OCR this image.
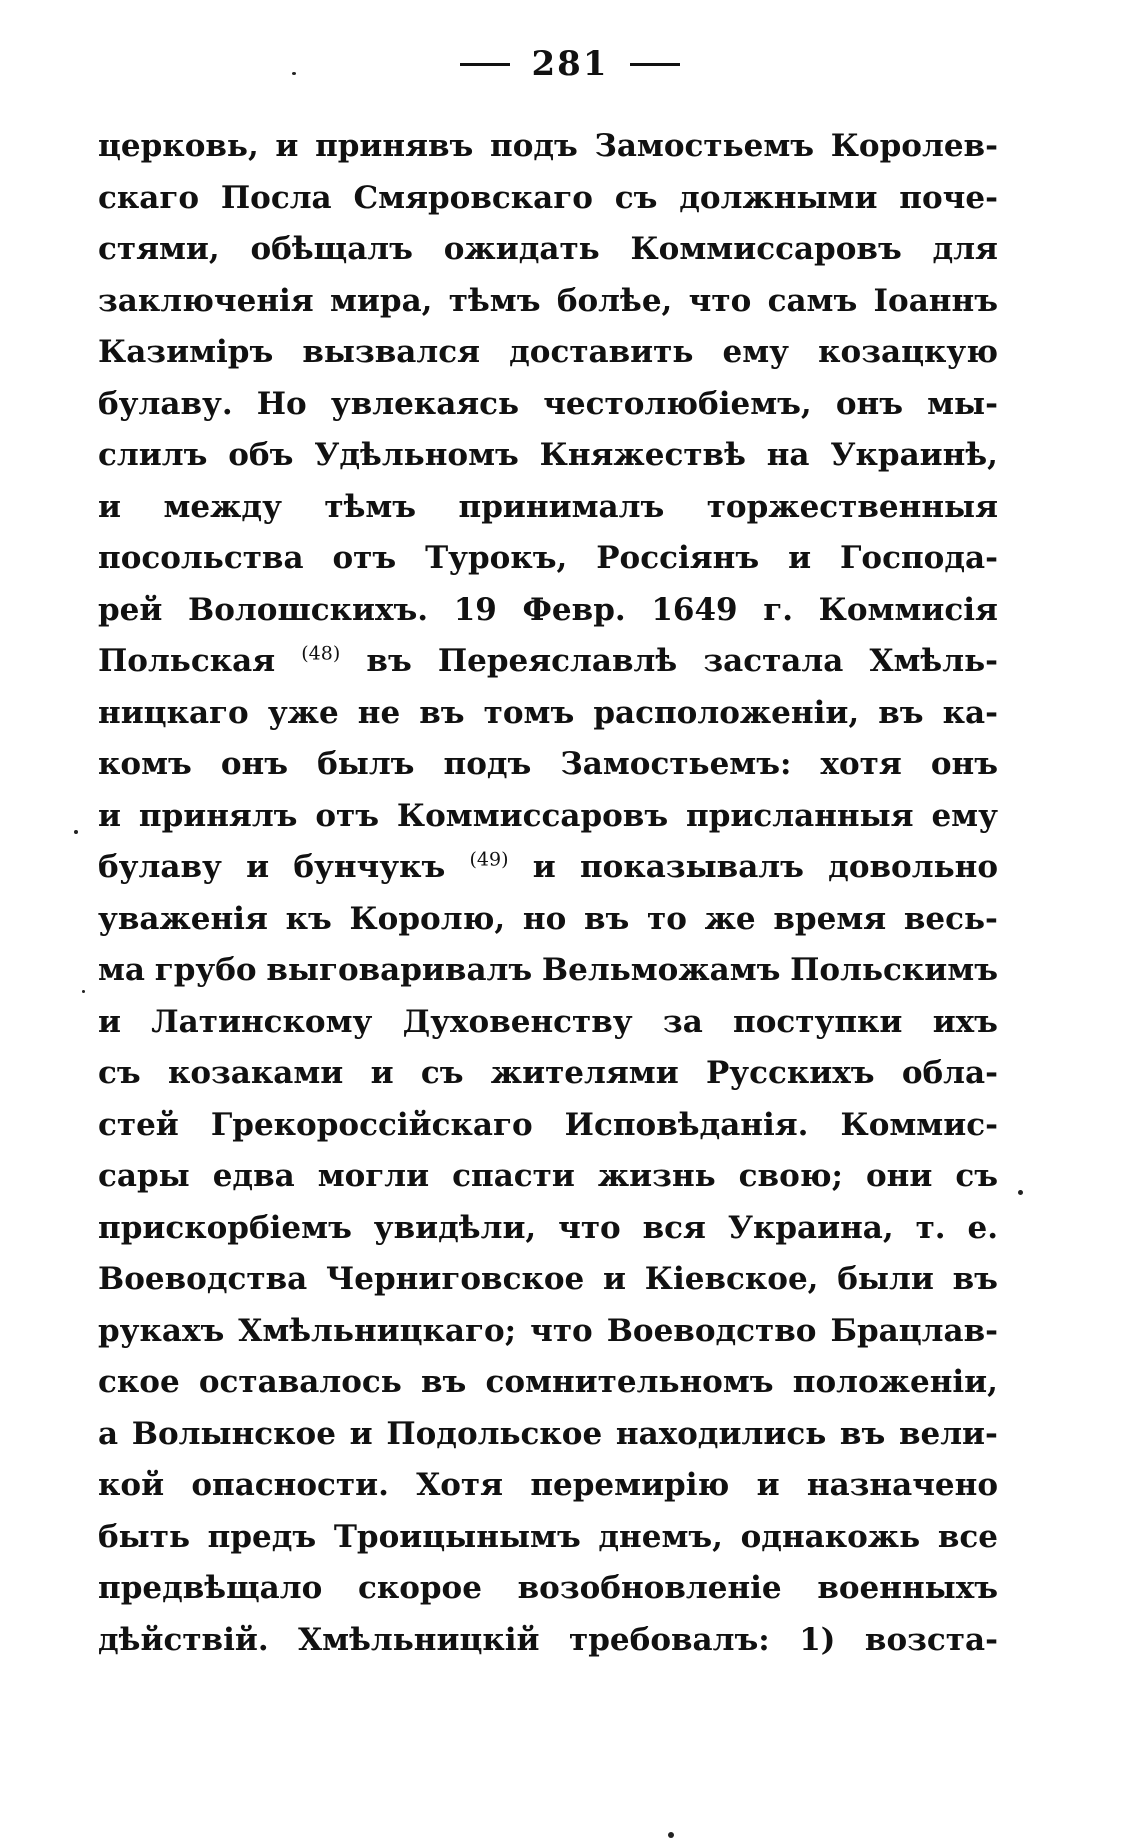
281
церковь, и принявъ подъ Замостьемъ Королев-
скаго Посла Смяровскаго съ должными поче-
стями, обѣщалъ ожидать Коммиссаровъ для
заключенія мира, тѣмъ болѣе, что самъ Іоаннъ
Казиміръ вызвался доставить ему козацкую
булаву. Но увлекаясь честолюбіемъ, онъ мы-
слилъ объ Удѣльномъ Княжествѣ на Украинѣ,
и между тѣмъ принималъ торжественныя
посольства отъ Турокъ, Россіянъ и Господа-
рей Волошскихъ. 19 Февр. 1649 г. Коммисія
Польская $^{(48)}$ въ Переяславлѣ застала Хмѣль-
ницкаго уже не въ томъ расположеніи, въ ка-
комъ онъ былъ подъ Замостьемъ: хотя онъ
и принялъ отъ Коммиссаровъ присланныя ему
булаву и бунчукъ $^{(49)}$ и показывалъ довольно
уваженія къ Королю, но въ то же время весь-
ма грубо выговаривалъ Вельможамъ Польскимъ
и Латинскому Духовенству за поступки ихъ
съ козаками и съ жителями Русскихъ обла-
стей Грекороссійскаго Исповѣданія. Коммис-
сары едва могли спасти жизнь свою; они съ
прискорбіемъ увидѣли, что вся Украина, т. е.
Воеводства Черниговское и Кіевское, были въ
рукахъ Хмѣльницкаго; что Воеводство Брацлав-
ское оставалось въ сомнительномъ положеніи,
а Волынское и Подольское находились въ вели-
кой опасности. Хотя перемирію и назначено
быть предъ Троицынымъ днемъ, однакожь все
предвѣщало скорое возобновленіе военныхъ
дѣйствій. Хмѣльницкій требовалъ: 1) возста-
